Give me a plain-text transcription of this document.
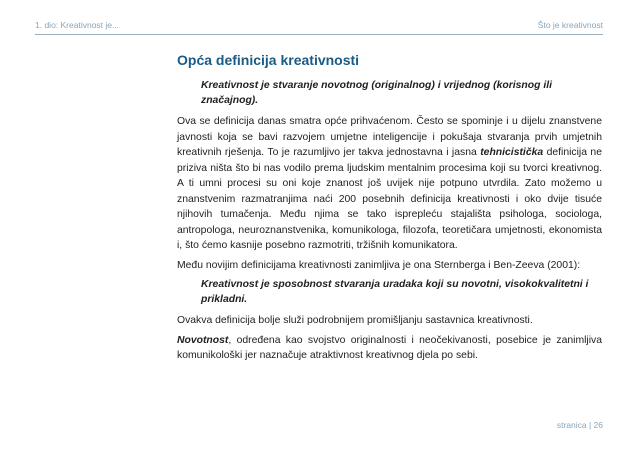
1. dio: Kreativnost je...	Što je kreativnost
Opća definicija kreativnosti

Kreativnost je stvaranje novotnog (originalnog) i vrijednog (korisnog ili značajnog).

Ova se definicija danas smatra opće prihvaćenom. Često se spominje i u dijelu znanstvene javnosti koja se bavi razvojem umjetne inteligencije i pokušaja stvaranja prvih umjetnih kreativnih rješenja. To je razumljivo jer takva jednostavna i jasna tehnicistička definicija ne priziva ništa što bi nas vodilo prema ljudskim mentalnim procesima koji su tvorci kreativnog. A ti umni procesi su oni koje znanost još uvijek nije potpuno utvrdila. Zato možemo u znanstvenim razmatranjima naći 200 posebnih definicija kreativnosti i oko dvije tisuće njihovih tumačenja. Među njima se tako isprepleću stajališta psihologa, sociologa, antropologa, neuroznanstvenika, komunikologa, filozofa, teoretičara umjetnosti, ekonomista i, što ćemo kasnije posebno razmotriti, tržišnih komunikatora.

Među novijim definicijama kreativnosti zanimljiva je ona Sternberga i Ben-Zeeva (2001):

Kreativnost je sposobnost stvaranja uradaka koji su novotni, visokokvalitetni i prikladni.

Ovakva definicija bolje služi podrobnijem promišljanju sastavnica kreativnosti.

Novotnost, određena kao svojstvo originalnosti i neočekivanosti, posebice je zanimljiva komunikološki jer naznačuje atraktivnost kreativnog djela po sebi.

stranica | 26
